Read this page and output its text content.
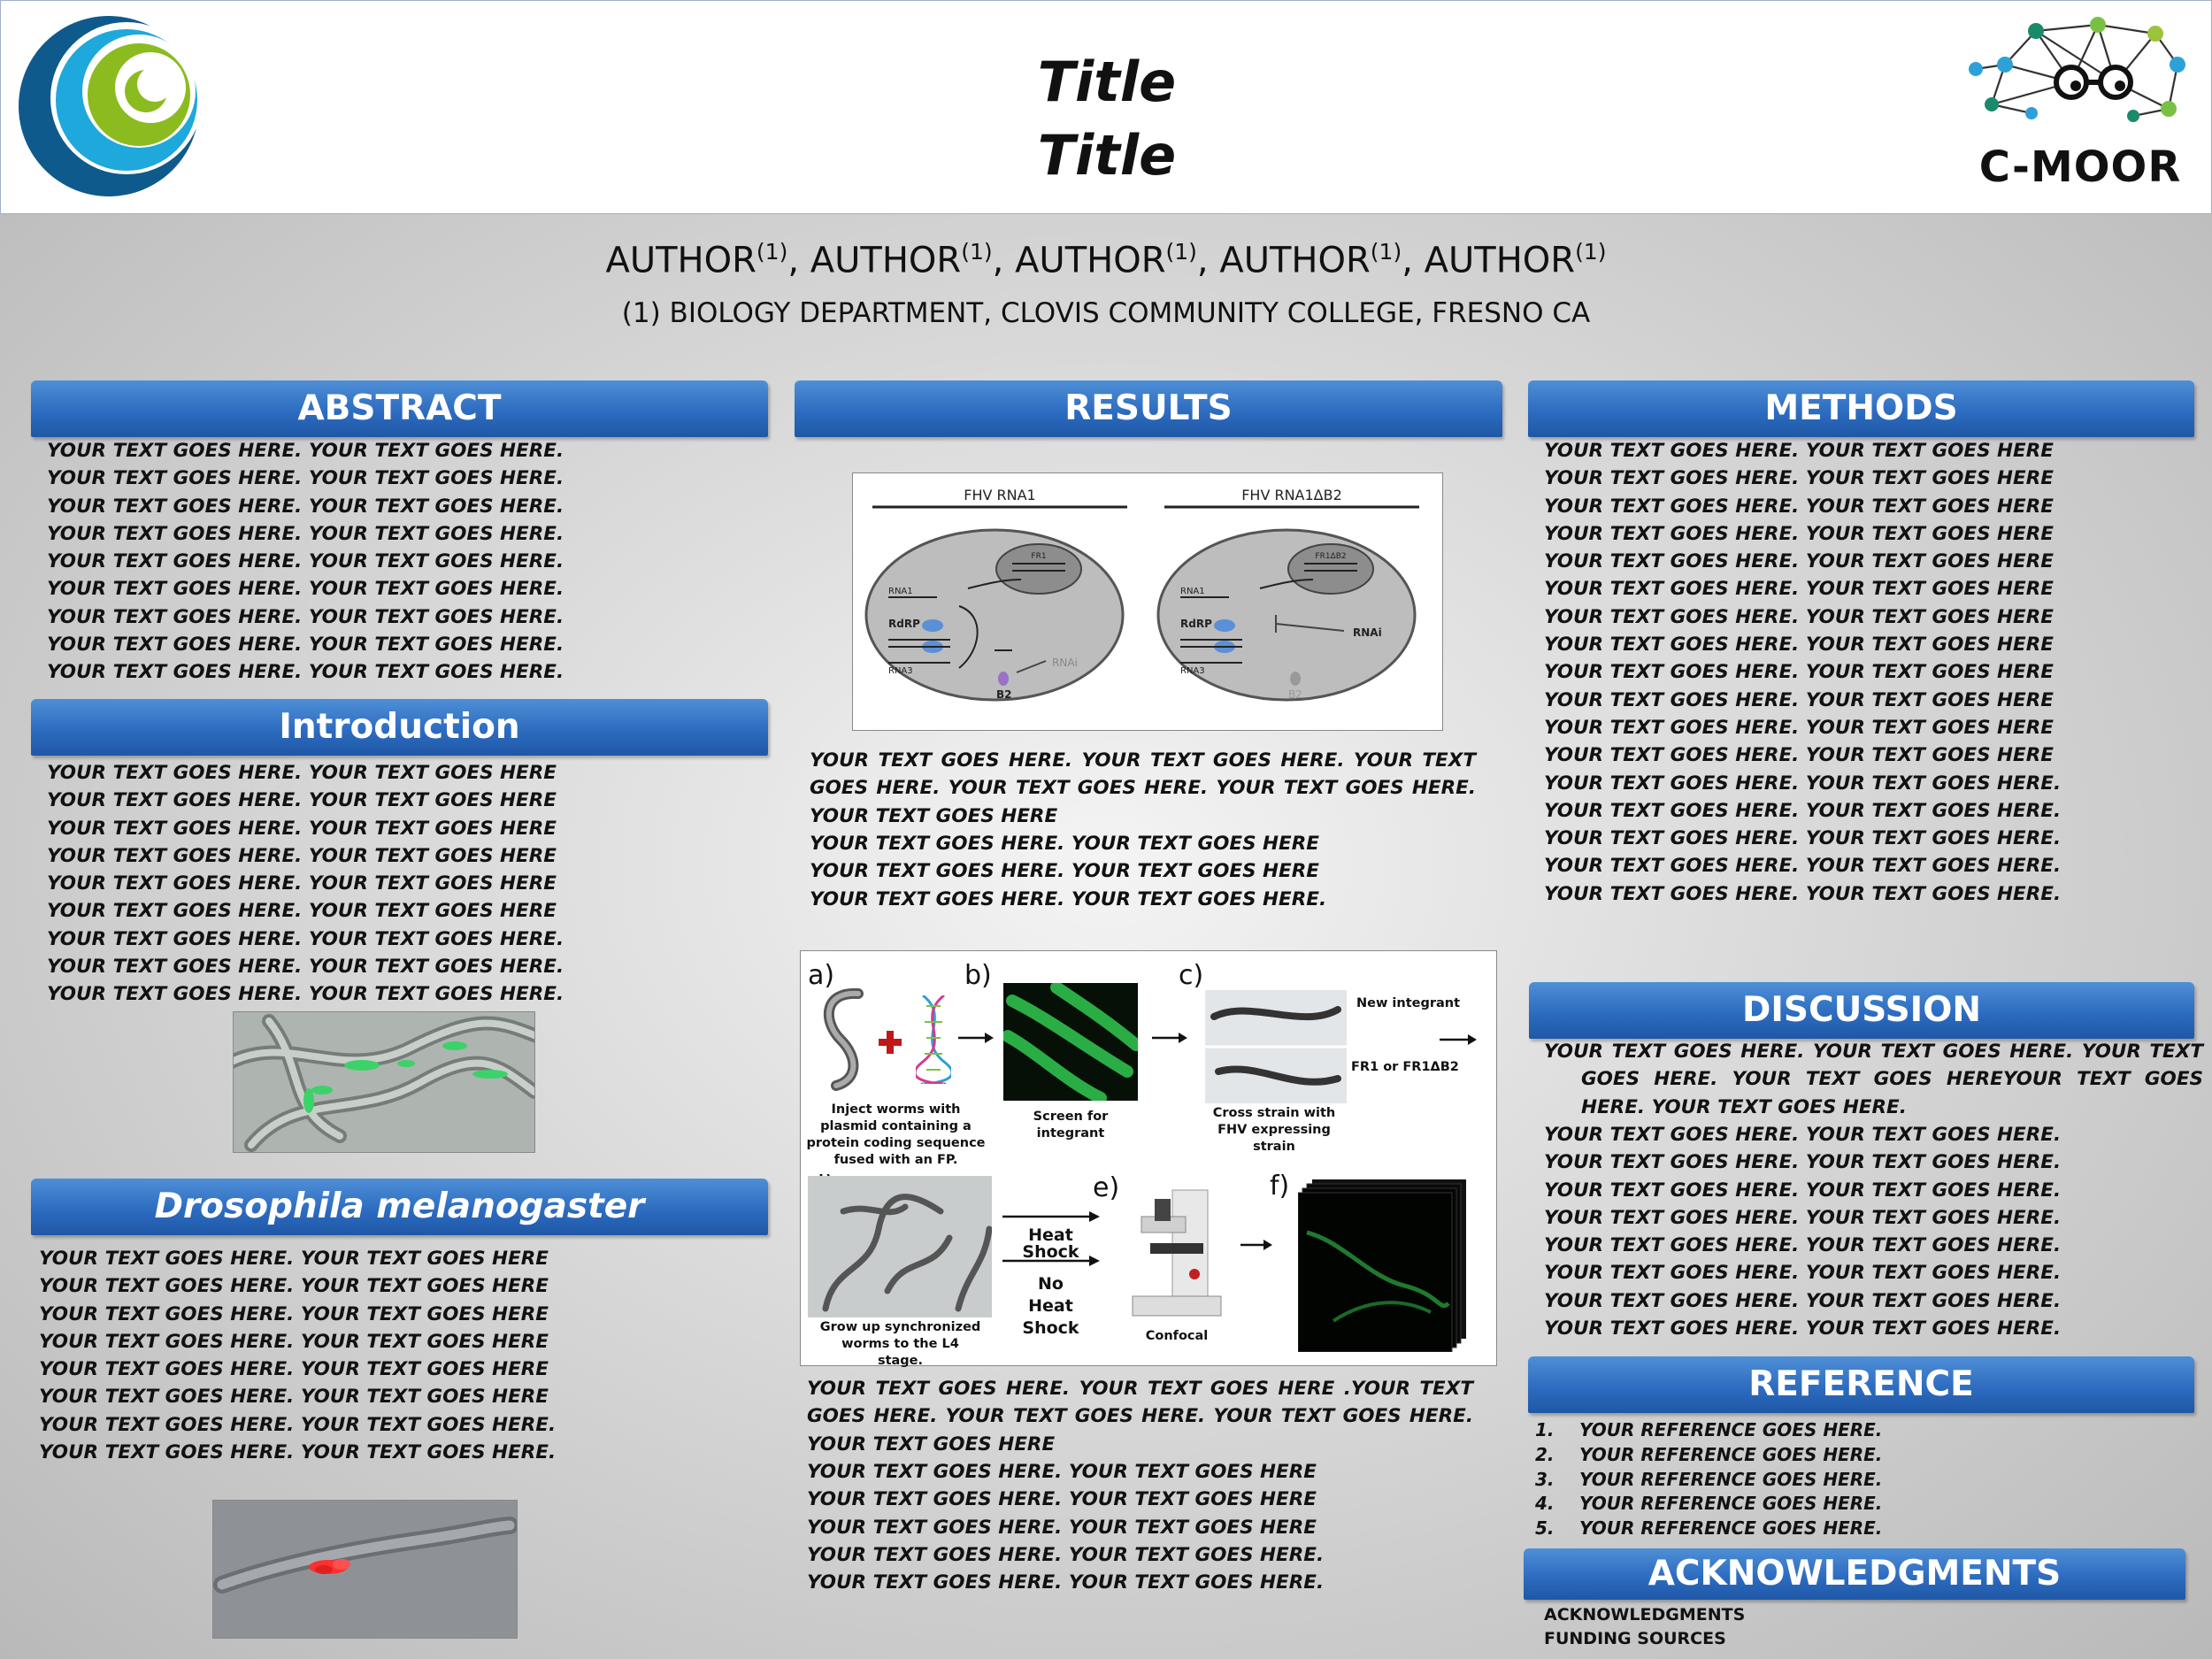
Title
Title	C-MOOR
AUTHOR$^{(1)}$, AUTHOR$^{(1)}$, AUTHOR$^{(1)}$, AUTHOR$^{(1)}$, AUTHOR$^{(1)}$
(1) BIOLOGY DEPARTMENT, CLOVIS COMMUNITY COLLEGE, FRESNO CA
ABSTRACT
YOUR TEXT GOES HERE. YOUR TEXT GOES HERE.
YOUR TEXT GOES HERE. YOUR TEXT GOES HERE.
YOUR TEXT GOES HERE. YOUR TEXT GOES HERE.
YOUR TEXT GOES HERE. YOUR TEXT GOES HERE.
YOUR TEXT GOES HERE. YOUR TEXT GOES HERE.
YOUR TEXT GOES HERE. YOUR TEXT GOES HERE.
YOUR TEXT GOES HERE. YOUR TEXT GOES HERE.
YOUR TEXT GOES HERE. YOUR TEXT GOES HERE.
YOUR TEXT GOES HERE. YOUR TEXT GOES HERE.
Introduction
YOUR TEXT GOES HERE. YOUR TEXT GOES HERE
YOUR TEXT GOES HERE. YOUR TEXT GOES HERE
YOUR TEXT GOES HERE. YOUR TEXT GOES HERE
YOUR TEXT GOES HERE. YOUR TEXT GOES HERE
YOUR TEXT GOES HERE. YOUR TEXT GOES HERE
YOUR TEXT GOES HERE. YOUR TEXT GOES HERE
YOUR TEXT GOES HERE. YOUR TEXT GOES HERE.
YOUR TEXT GOES HERE. YOUR TEXT GOES HERE.
YOUR TEXT GOES HERE. YOUR TEXT GOES HERE.
Drosophila melanogaster
YOUR TEXT GOES HERE. YOUR TEXT GOES HERE
YOUR TEXT GOES HERE. YOUR TEXT GOES HERE
YOUR TEXT GOES HERE. YOUR TEXT GOES HERE
YOUR TEXT GOES HERE. YOUR TEXT GOES HERE
YOUR TEXT GOES HERE. YOUR TEXT GOES HERE
YOUR TEXT GOES HERE. YOUR TEXT GOES HERE
YOUR TEXT GOES HERE. YOUR TEXT GOES HERE.
YOUR TEXT GOES HERE. YOUR TEXT GOES HERE.
RESULTS
FHV RNA1
FR1
RNA1
RdRP
RNA3
B2
RNAi
FHV RNA1ΔB2
FR1ΔB2
RNA1
RdRP
RNA3
B2
RNAi
YOUR TEXT GOES HERE. YOUR TEXT GOES HERE. YOUR TEXT GOES HERE. YOUR TEXT GOES HERE. YOUR TEXT GOES HERE. YOUR TEXT GOES HERE
YOUR TEXT GOES HERE. YOUR TEXT GOES HERE
YOUR TEXT GOES HERE. YOUR TEXT GOES HERE
YOUR TEXT GOES HERE. YOUR TEXT GOES HERE.
a)	b)	c)
New integrant
FR1 or FR1ΔB2
Inject worms with plasmid containing a protein coding sequence fused with an FP.
Screen for integrant
Cross strain with FHV expressing strain
e)	f)
Heat Shock
No
Heat Shock
Grow up synchronized worms to the L4 stage.
Confocal
YOUR TEXT GOES HERE. YOUR TEXT GOES HERE .YOUR TEXT GOES HERE. YOUR TEXT GOES HERE. YOUR TEXT GOES HERE. YOUR TEXT GOES HERE
YOUR TEXT GOES HERE. YOUR TEXT GOES HERE
YOUR TEXT GOES HERE. YOUR TEXT GOES HERE
YOUR TEXT GOES HERE. YOUR TEXT GOES HERE
YOUR TEXT GOES HERE. YOUR TEXT GOES HERE.
YOUR TEXT GOES HERE. YOUR TEXT GOES HERE.
METHODS
YOUR TEXT GOES HERE. YOUR TEXT GOES HERE
YOUR TEXT GOES HERE. YOUR TEXT GOES HERE
YOUR TEXT GOES HERE. YOUR TEXT GOES HERE
YOUR TEXT GOES HERE. YOUR TEXT GOES HERE
YOUR TEXT GOES HERE. YOUR TEXT GOES HERE
YOUR TEXT GOES HERE. YOUR TEXT GOES HERE
YOUR TEXT GOES HERE. YOUR TEXT GOES HERE
YOUR TEXT GOES HERE. YOUR TEXT GOES HERE
YOUR TEXT GOES HERE. YOUR TEXT GOES HERE
YOUR TEXT GOES HERE. YOUR TEXT GOES HERE
YOUR TEXT GOES HERE. YOUR TEXT GOES HERE
YOUR TEXT GOES HERE. YOUR TEXT GOES HERE
YOUR TEXT GOES HERE. YOUR TEXT GOES HERE.
YOUR TEXT GOES HERE. YOUR TEXT GOES HERE.
YOUR TEXT GOES HERE. YOUR TEXT GOES HERE.
YOUR TEXT GOES HERE. YOUR TEXT GOES HERE.
YOUR TEXT GOES HERE. YOUR TEXT GOES HERE.
DISCUSSION
YOUR TEXT GOES HERE. YOUR TEXT GOES HERE. YOUR TEXT GOES HERE. YOUR TEXT GOES HEREYOUR TEXT GOES HERE. YOUR TEXT GOES HERE.
YOUR TEXT GOES HERE. YOUR TEXT GOES HERE.
YOUR TEXT GOES HERE. YOUR TEXT GOES HERE.
YOUR TEXT GOES HERE. YOUR TEXT GOES HERE.
YOUR TEXT GOES HERE. YOUR TEXT GOES HERE.
YOUR TEXT GOES HERE. YOUR TEXT GOES HERE.
YOUR TEXT GOES HERE. YOUR TEXT GOES HERE.
YOUR TEXT GOES HERE. YOUR TEXT GOES HERE.
YOUR TEXT GOES HERE. YOUR TEXT GOES HERE.
REFERENCE
1. YOUR REFERENCE GOES HERE.
2. YOUR REFERENCE GOES HERE.
3. YOUR REFERENCE GOES HERE.
4. YOUR REFERENCE GOES HERE.
5. YOUR REFERENCE GOES HERE.
ACKNOWLEDGMENTS
ACKNOWLEDGMENTS
FUNDING SOURCES
